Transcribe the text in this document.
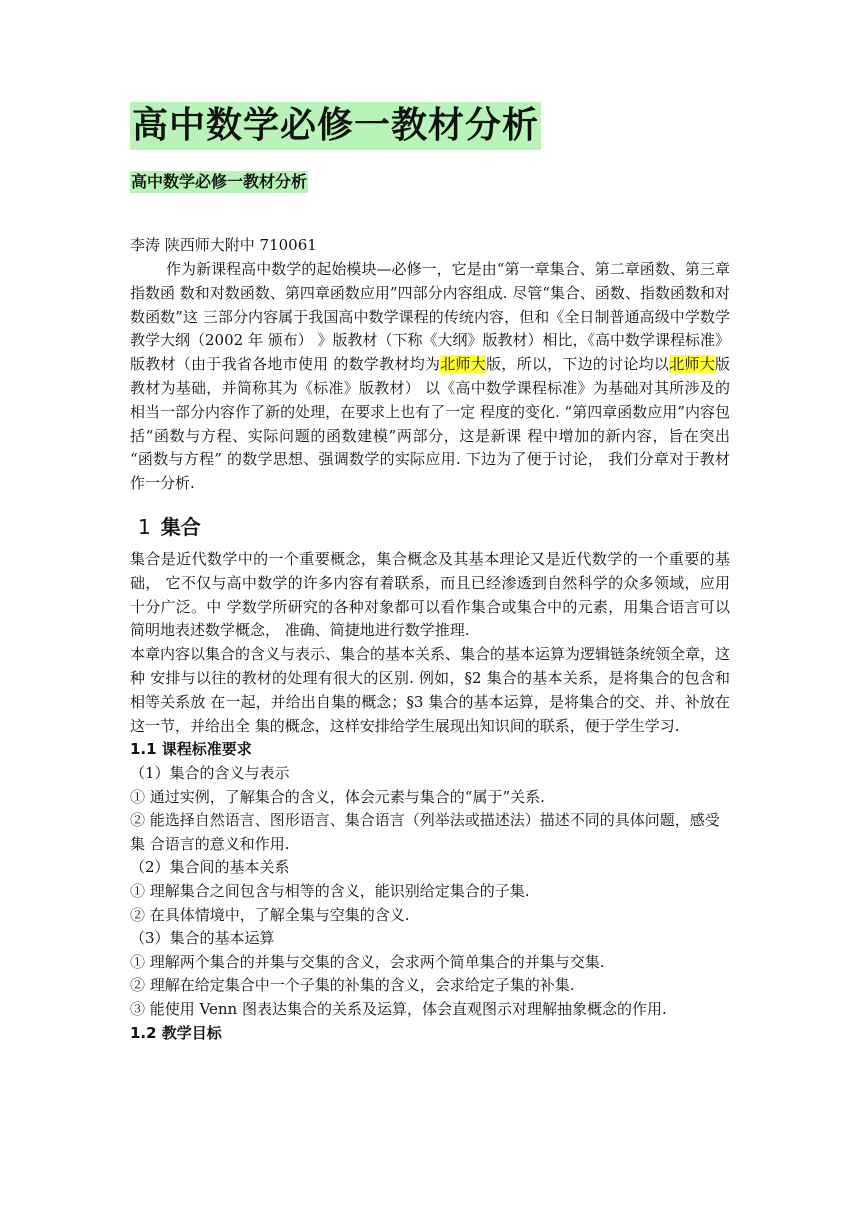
高中数学必修一教材分析
高中数学必修一教材分析
李涛 陕西师大附中 710061

作为新课程高中数学的起始模块—必修一，它是由“第一章集合、第二章函数、第三章指数函 数和对数函数、第四章函数应用”四部分内容组成. 尽管“集合、函数、指数函数和对数函数”这 三部分内容属于我国高中数学课程的传统内容，但和《全日制普通高级中学数学教学大纲（2002 年 颁布） 》版教材（下称《大纲》版教材）相比，《高中数学课程标准》版教材（由于我省各地市使用 的数学教材均为北师大版，所以，下边的讨论均以北师大版教材为基础，并简称其为《标准》版教材） 以《高中数学课程标准》为基础对其所涉及的相当一部分内容作了新的处理，在要求上也有了一定 程度的变化. “第四章函数应用”内容包括“函数与方程、实际问题的函数建模”两部分，这是新课 程中增加的新内容，旨在突出 “函数与方程” 的数学思想、强调数学的实际应用. 下边为了便于讨论， 我们分章对于教材作一分析.

1 集合

集合是近代数学中的一个重要概念，集合概念及其基本理论又是近代数学的一个重要的基础， 它不仅与高中数学的许多内容有着联系，而且已经渗透到自然科学的众多领域，应用十分广泛。中 学数学所研究的各种对象都可以看作集合或集合中的元素，用集合语言可以简明地表述数学概念， 准确、简捷地进行数学推理.

本章内容以集合的含义与表示、集合的基本关系、集合的基本运算为逻辑链条统领全章，这种 安排与以往的教材的处理有很大的区别. 例如，§2 集合的基本关系，是将集合的包含和相等关系放 在一起，并给出自集的概念；§3 集合的基本运算，是将集合的交、并、补放在这一节，并给出全 集的概念，这样安排给学生展现出知识间的联系，便于学生学习.

1.1 课程标准要求

（1）集合的含义与表示

① 通过实例，了解集合的含义，体会元素与集合的“属于”关系.

② 能选择自然语言、图形语言、集合语言（列举法或描述法）描述不同的具体问题，感受集 合语言的意义和作用.

（2）集合间的基本关系

① 理解集合之间包含与相等的含义，能识别给定集合的子集.

② 在具体情境中，了解全集与空集的含义.

（3）集合的基本运算

① 理解两个集合的并集与交集的含义，会求两个简单集合的并集与交集.

② 理解在给定集合中一个子集的补集的含义，会求给定子集的补集.

③ 能使用 Venn 图表达集合的关系及运算，体会直观图示对理解抽象概念的作用.

1.2 教学目标
